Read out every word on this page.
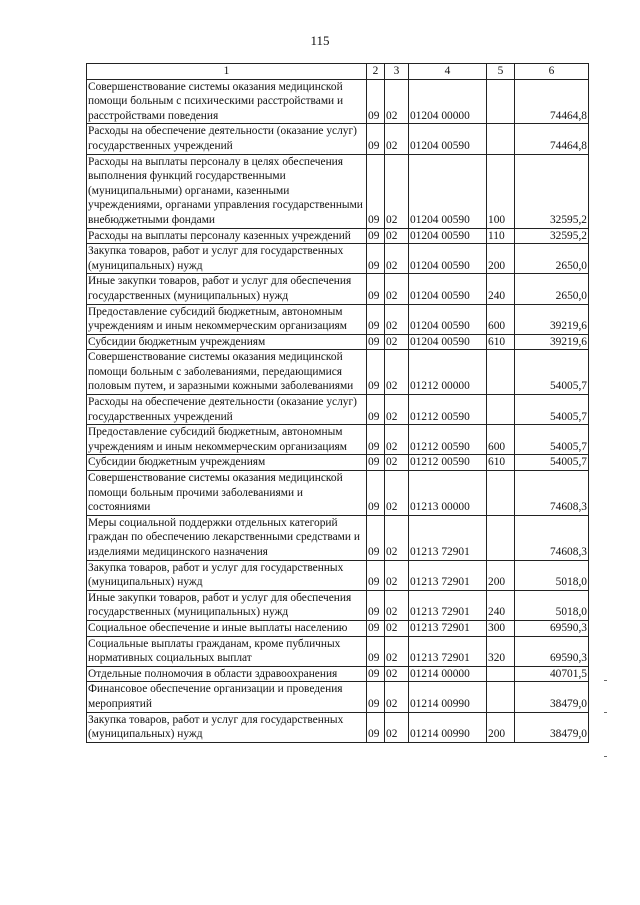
115
1	2	3	4	5	6
Совершенствование системы оказания медицинской помощи больным с психическими расстройствами и расстройствами поведения	09	02	01204 00000		74464,8
Расходы на обеспечение деятельности (оказание услуг) государственных учреждений	09	02	01204 00590		74464,8
Расходы на выплаты персоналу в целях обеспечения выполнения функций государственными (муниципальными) органами, казенными учреждениями, органами управления государственными внебюджетными фондами	09	02	01204 00590	100	32595,2
Расходы на выплаты персоналу казенных учреждений	09	02	01204 00590	110	32595,2
Закупка товаров, работ и услуг для государственных (муниципальных) нужд	09	02	01204 00590	200	2650,0
Иные закупки товаров, работ и услуг для обеспечения государственных (муниципальных) нужд	09	02	01204 00590	240	2650,0
Предоставление субсидий бюджетным, автономным учреждениям и иным некоммерческим организациям	09	02	01204 00590	600	39219,6
Субсидии бюджетным учреждениям	09	02	01204 00590	610	39219,6
Совершенствование системы оказания медицинской помощи больным с заболеваниями, передающимися половым путем, и заразными кожными заболеваниями	09	02	01212 00000		54005,7
Расходы на обеспечение деятельности (оказание услуг) государственных учреждений	09	02	01212 00590		54005,7
Предоставление субсидий бюджетным, автономным учреждениям и иным некоммерческим организациям	09	02	01212 00590	600	54005,7
Субсидии бюджетным учреждениям	09	02	01212 00590	610	54005,7
Совершенствование системы оказания медицинской помощи больным прочими заболеваниями и состояниями	09	02	01213 00000		74608,3
Меры социальной поддержки отдельных категорий граждан по обеспечению лекарственными средствами и изделиями медицинского назначения	09	02	01213 72901		74608,3
Закупка товаров, работ и услуг для государственных (муниципальных) нужд	09	02	01213 72901	200	5018,0
Иные закупки товаров, работ и услуг для обеспечения государственных (муниципальных) нужд	09	02	01213 72901	240	5018,0
Социальное обеспечение и иные выплаты населению	09	02	01213 72901	300	69590,3
Социальные выплаты гражданам, кроме публичных нормативных социальных выплат	09	02	01213 72901	320	69590,3
Отдельные полномочия в области здравоохранения	09	02	01214 00000		40701,5
Финансовое обеспечение организации и проведения мероприятий	09	02	01214 00990		38479,0
Закупка товаров, работ и услуг для государственных (муниципальных) нужд	09	02	01214 00990	200	38479,0
